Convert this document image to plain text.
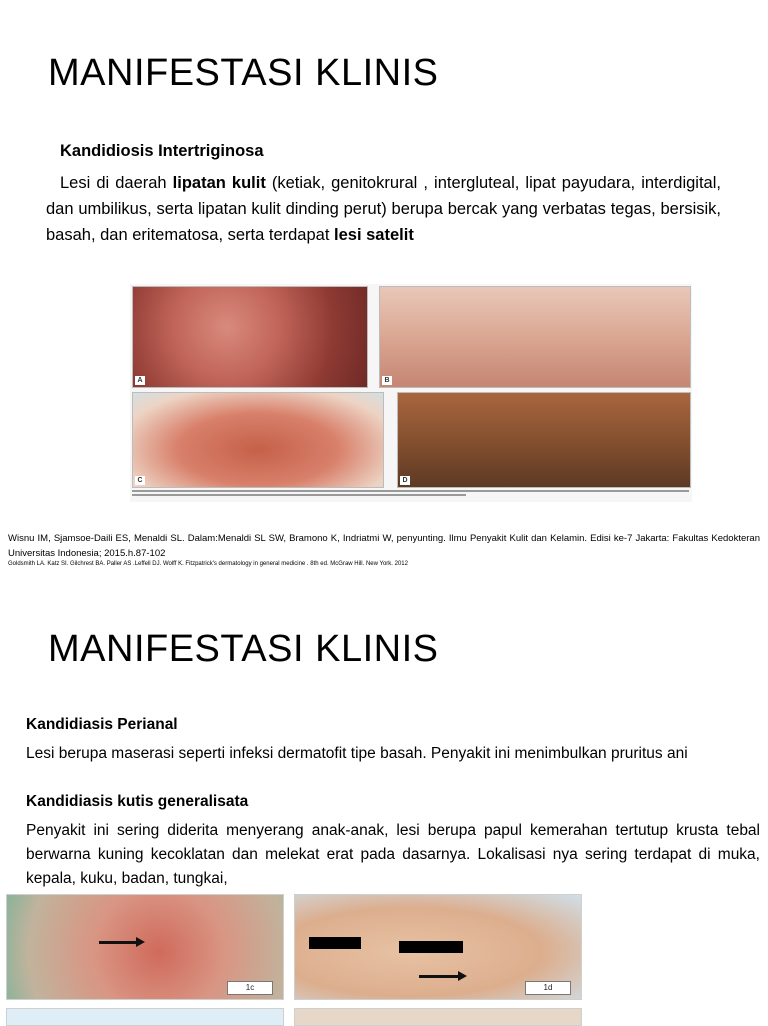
MANIFESTASI KLINIS
Kandidiosis Intertriginosa

Lesi di daerah lipatan kulit (ketiak, genitokrural , intergluteal, lipat payudara, interdigital, dan umbilikus, serta lipatan kulit dinding perut) berupa bercak yang verbatas tegas, bersisik, basah, dan eritematosa, serta terdapat lesi satelit

A	B
C	D

Wisnu IM, Sjamsoe-Daili ES, Menaldi SL. Dalam:Menaldi SL SW, Bramono K, Indriatmi W, penyunting. Ilmu Penyakit Kulit dan Kelamin. Edisi ke-7 Jakarta: Fakultas Kedokteran Universitas Indonesia; 2015.h.87-102

Goldsmith LA. Katz SI. Gilchrest BA. Paller AS .Leffell DJ. Wolff K. Fitzpatrick's dermatology in general medicine . 8th ed. McGraw Hill. New York. 2012

MANIFESTASI KLINIS
Kandidiasis Perianal

Lesi berupa maserasi seperti infeksi dermatofit tipe basah. Penyakit ini menimbulkan pruritus ani

Kandidiasis kutis generalisata

Penyakit ini sering diderita menyerang anak-anak, lesi berupa papul kemerahan tertutup krusta tebal berwarna kuning kecoklatan dan melekat erat pada dasarnya. Lokalisasi nya sering terdapat di muka, kepala, kuku, badan, tungkai,

1c	1d
